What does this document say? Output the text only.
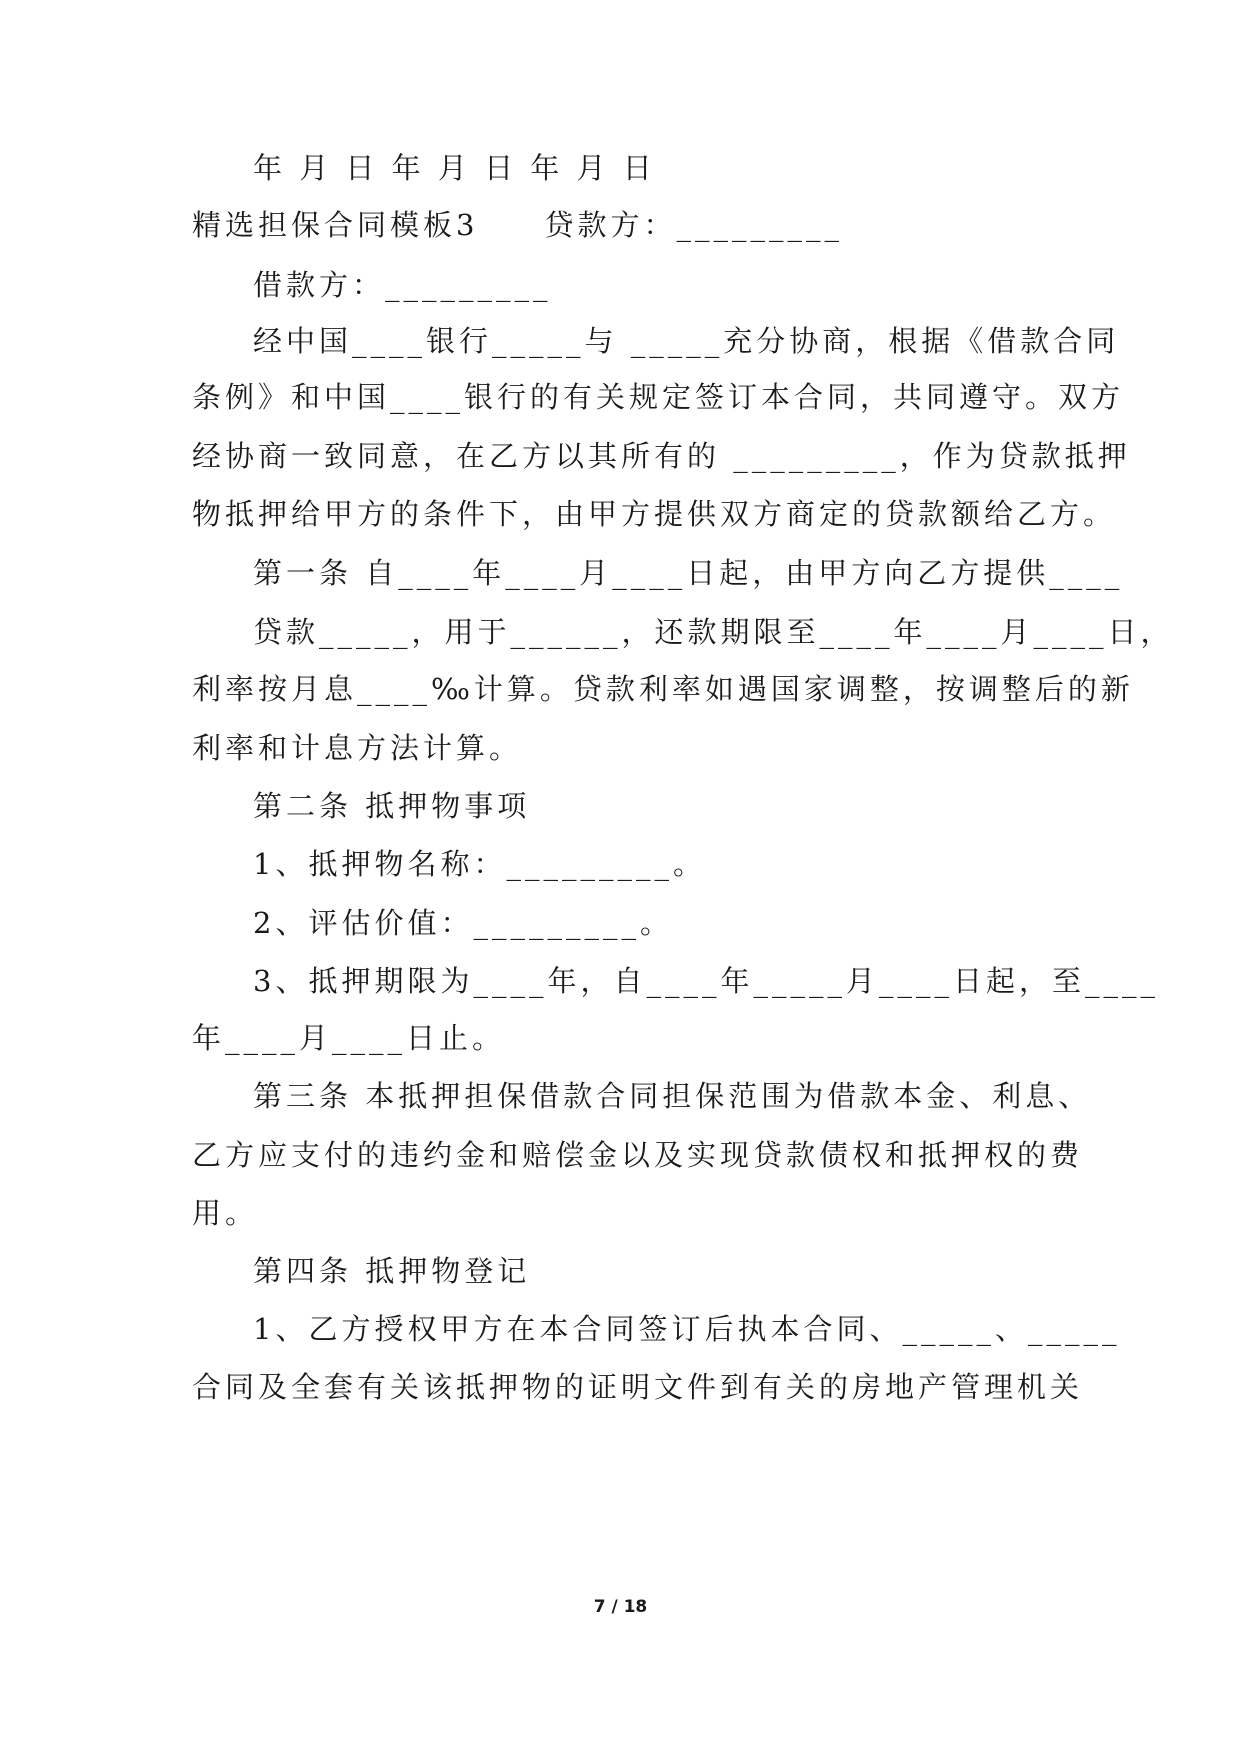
年 月 日 年 月 日 年 月 日
精选担保合同模板3　　贷款方：_________
借款方：_________
经中国____银行_____与 _____充分协商，根据《借款合同
条例》和中国____银行的有关规定签订本合同，共同遵守。双方
经协商一致同意，在乙方以其所有的 _________，作为贷款抵押
物抵押给甲方的条件下，由甲方提供双方商定的贷款额给乙方。
第一条 自____年____月____日起，由甲方向乙方提供____
贷款_____，用于______，还款期限至____年____月____日，
利率按月息____‰计算。贷款利率如遇国家调整，按调整后的新
利率和计息方法计算。
第二条 抵押物事项
1、抵押物名称：_________。
2、评估价值：_________。
3、抵押期限为____年，自____年_____月____日起，至____
年____月____日止。
第三条 本抵押担保借款合同担保范围为借款本金、利息、
乙方应支付的违约金和赔偿金以及实现贷款债权和抵押权的费
用。
第四条 抵押物登记
1、乙方授权甲方在本合同签订后执本合同、_____、_____
合同及全套有关该抵押物的证明文件到有关的房地产管理机关
7 / 18
